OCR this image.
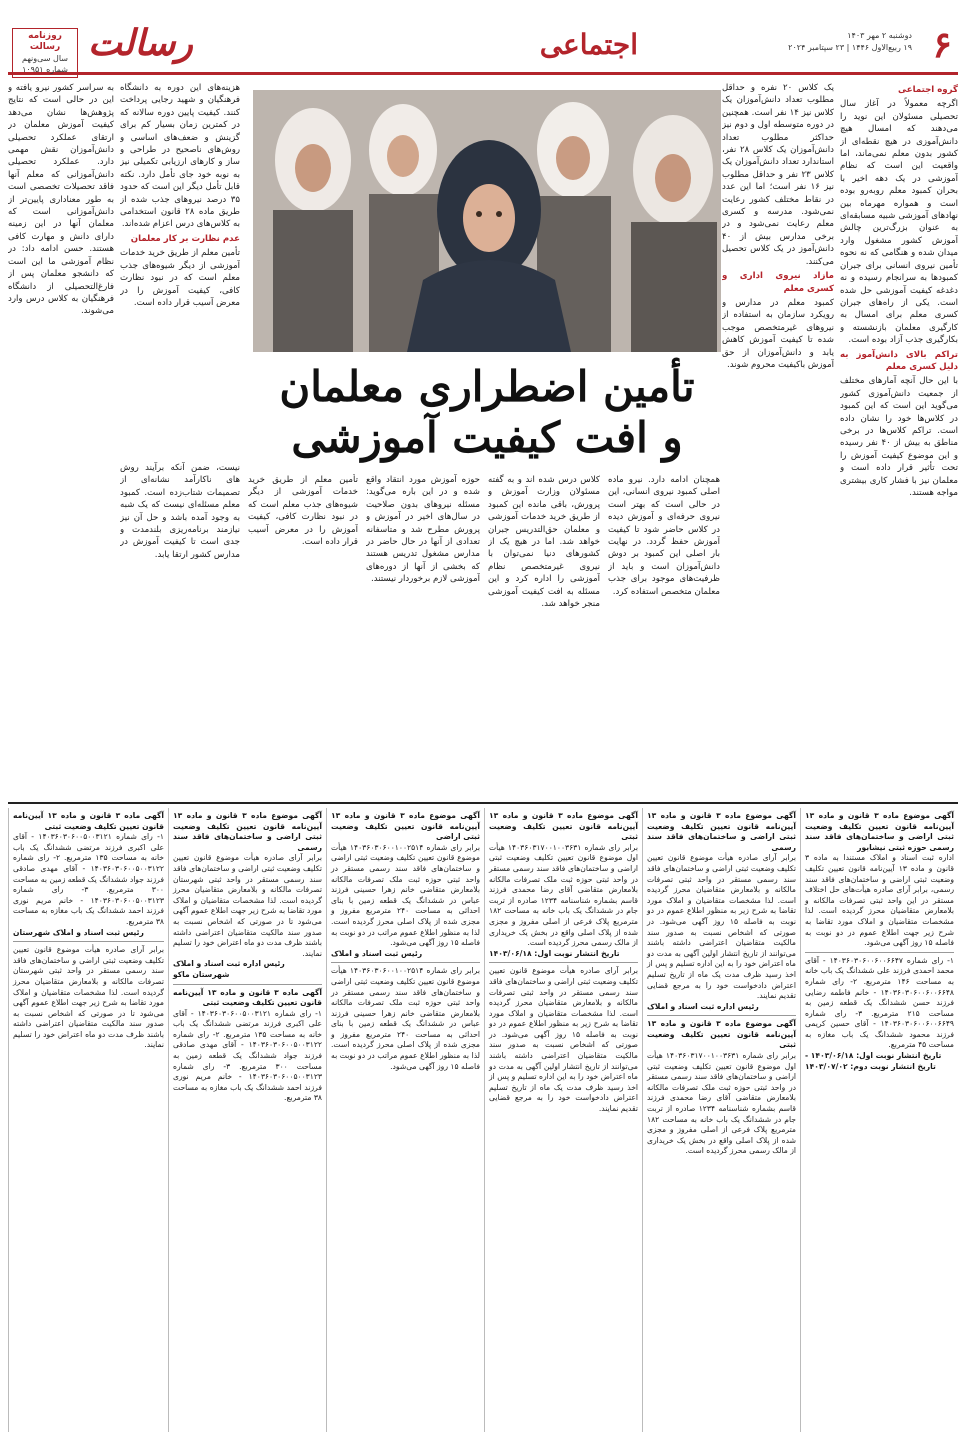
۶
دوشنبه ۲ مهر ۱۴۰۳
۱۹ ربیع‌الاول ۱۴۴۶ | ۲۳ سپتامبر ۲۰۲۴
اجتماعی
رسالت
روزنامه رسالت
سال سی‌ونهم
شماره ۱۰۹۵۱
گروه اجتماعی

اگرچه معمولاً در آغاز سال تحصیلی مسئولان این نوید را می‌دهند که امسال هیچ دانش‌آموزی در هیچ نقطه‌ای از کشور بدون معلم نمی‌ماند، اما واقعیت این است که نظام آموزشی در یک دهه اخیر با بحران کمبود معلم روبه‌رو بوده است و همواره مهرماه بین نهادهای آموزشی شبیه مسابقه‌ای به عنوان بزرگ‌ترین چالش آموزش کشور مشغول وارد میدان شده و هنگامی که نه نحوه تأمین نیروی انسانی برای جبران کمبودها به سرانجام رسیده و نه دغدغه کیفیت آموزشی حل شده است. یکی از راه‌های جبران کسری معلم برای امسال به کارگیری معلمان بازنشسته و بکارگیری جذب آزاد بوده است.

تراکم بالای دانش‌آموز به دلیل کسری معلم

با این حال آنچه آمارهای مختلف از جمعیت دانش‌آموزی کشور می‌گوید این است که این کمبود در کلاس‌ها خود را نشان داده است. تراکم کلاس‌ها در برخی مناطق به بیش از ۴۰ نفر رسیده و این موضوع کیفیت آموزش را تحت تأثیر قرار داده است و معلمان نیز با فشار کاری بیشتری مواجه هستند.

یک کلاس ۲۰ نفره و حداقل مطلوب تعداد دانش‌آموزان یک کلاس نیز ۱۴ نفر است. همچنین در دوره متوسطه اول و دوم نیز حداکثر مطلوب تعداد دانش‌آموزان یک کلاس ۲۸ نفر، استاندارد تعداد دانش‌آموزان یک کلاس ۲۳ نفر و حداقل مطلوب نیز ۱۶ نفر است؛ اما این عدد در نقاط مختلف کشور رعایت نمی‌شود. مدرسه و کسری معلم رعایت نمی‌شود و در برخی مدارس بیش از ۴۰ دانش‌آموز در یک کلاس تحصیل می‌کنند.

مازاد نیروی اداری و کسری معلم

کمبود معلم در مدارس و رویکرد سازمان به استفاده از نیروهای غیرمتخصص موجب شده تا کیفیت آموزش کاهش یابد و دانش‌آموزان از حق آموزش باکیفیت محروم شوند.

تأمین اضطراری معلمان
و افت کیفیت آموزشی

هزینه‌های این دوره به دانشگاه فرهنگیان و شهید رجایی پرداخت کنند. کیفیت پایین دوره سالانه که در کمترین زمان بسیار کم برای گزینش و ضعف‌های اساسی و روش‌های ناصحیح در طراحی و ساز و کارهای ارزیابی تکمیلی نیز به نوبه خود جای تأمل دارد. نکته قابل تأمل دیگر این است که حدود ۳۵ درصد نیروهای جذب شده از طریق ماده ۲۸ قانون استخدامی به کلاس‌های درس اعزام شده‌اند.

عدم نظارت بر کار معلمان

تأمین معلم از طریق خرید خدمات آموزشی از دیگر شیوه‌های جذب معلم است که در نبود نظارت کافی، کیفیت آموزش را در معرض آسیب قرار داده است.

به سراسر کشور نیرو یافته و این در حالی است که نتایج پژوهش‌ها نشان می‌دهد کیفیت آموزش معلمان در ارتقای عملکرد تحصیلی دانش‌آموزان نقش مهمی دارد. عملکرد تحصیلی دانش‌آموزانی که معلم آنها فاقد تحصیلات تخصصی است به طور معناداری پایین‌تر از دانش‌آموزانی است که معلمان آنها در این زمینه دارای دانش و مهارت کافی هستند. حسن ادامه داد: در نظام آموزشی ما این است که دانشجو معلمان پس از فارغ‌التحصیلی از دانشگاه فرهنگیان به کلاس درس وارد می‌شوند.

نیست، ضمن آنکه برآیند روش های ناکارآمد نشانه‌ای از تصمیمات شتاب‌زده است. کمبود معلم مسئله‌ای نیست که یک شبه به وجود آمده باشد و حل آن نیز نیازمند برنامه‌ریزی بلندمدت و جدی است تا کیفیت آموزش در مدارس کشور ارتقا یابد.

همچنان ادامه دارد. نیرو ماده اصلی کمبود نیروی انسانی، این در حالی است که بهتر است نیروی حرفه‌ای و آموزش دیده در کلاس حاضر شود تا کیفیت آموزش حفظ گردد. در نهایت بار اصلی این کمبود بر دوش دانش‌آموزان است و باید از ظرفیت‌های موجود برای جذب معلمان متخصص استفاده کرد.

کلاس درس شده اند و به گفته مسئولان وزارت آموزش و پرورش، باقی مانده این کمبود از طریق خرید خدمات آموزشی و معلمان حق‌التدریس جبران خواهد شد. اما در هیچ یک از کشورهای دنیا نمی‌توان با نیروی غیرمتخصص نظام آموزشی را اداره کرد و این مسئله به افت کیفیت آموزشی منجر خواهد شد.

حوزه آموزش مورد انتقاد واقع شده و در این باره می‌گوید: مسئله نیروهای بدون صلاحیت در سال‌های اخیر در آموزش و پرورش مطرح شد و متاسفانه تعدادی از آنها در حال حاضر در مدارس مشغول تدریس هستند که بخشی از آنها از دوره‌های آموزشی لازم برخوردار نیستند.

تأمین معلم از طریق خرید خدمات آموزشی از دیگر شیوه‌های جذب معلم است که در نبود نظارت کافی، کیفیت آموزش را در معرض آسیب قرار داده است.

آگهی موضوع ماده ۳ قانون و ماده ۱۳ آیین‌نامه قانون تعیین تکلیف وضعیت ثبتی اراضی و ساختمان‌های فاقد سند رسمی حوزه ثبتی نیشابور
اداره ثبت اسناد و املاک مستندا به ماده ۳ قانون و ماده ۱۳ آیین‌نامه قانون تعیین تکلیف وضعیت ثبتی اراضی و ساختمان‌های فاقد سند رسمی، برابر آرای صادره هیأت‌های حل اختلاف مستقر در این واحد ثبتی تصرفات مالکانه و بلامعارض متقاضیان محرز گردیده است. لذا مشخصات متقاضیان و املاک مورد تقاضا به شرح زیر جهت اطلاع عموم در دو نوبت به فاصله ۱۵ روز آگهی می‌شود.
۱- رای شماره ۱۴۰۳۶۰۳۰۶۰۰۶۰۰۶۶۴۷ - آقای محمد احمدی فرزند علی ششدانگ یک باب خانه به مساحت ۱۴۶ مترمربع. ۲- رای شماره ۱۴۰۳۶۰۳۰۶۰۰۶۰۰۶۶۴۸ - خانم فاطمه رضایی فرزند حسن ششدانگ یک قطعه زمین به مساحت ۲۱۵ مترمربع. ۳- رای شماره ۱۴۰۳۶۰۳۰۶۰۰۶۰۰۶۶۴۹ - آقای حسین کریمی فرزند محمود ششدانگ یک باب مغازه به مساحت ۴۵ مترمربع.
تاریخ انتشار نوبت اول: ۱۴۰۳/۰۶/۱۸ - تاریخ انتشار نوبت دوم: ۱۴۰۳/۰۷/۰۲
آگهی موضوع ماده ۳ قانون و ماده ۱۳ آیین‌نامه قانون تعیین تکلیف وضعیت ثبتی اراضی و ساختمان‌های فاقد سند رسمی
برابر آرای صادره هیأت موضوع قانون تعیین تکلیف وضعیت ثبتی اراضی و ساختمان‌های فاقد سند رسمی مستقر در واحد ثبتی تصرفات مالکانه و بلامعارض متقاضیان محرز گردیده است. لذا مشخصات متقاضیان و املاک مورد تقاضا به شرح زیر به منظور اطلاع عموم در دو نوبت به فاصله ۱۵ روز آگهی می‌شود. در صورتی که اشخاص نسبت به صدور سند مالکیت متقاضیان اعتراضی داشته باشند می‌توانند از تاریخ انتشار اولین آگهی به مدت دو ماه اعتراض خود را به این اداره تسلیم و پس از اخذ رسید ظرف مدت یک ماه از تاریخ تسلیم اعتراض دادخواست خود را به مرجع قضایی تقدیم نمایند.
رئیس اداره ثبت اسناد و املاک
آگهی موضوع ماده ۳ قانون و ماده ۱۳ آیین‌نامه قانون تعیین تکلیف وضعیت ثبتی
برابر رای شماره ۱۴۰۳۶۰۳۱۷۰۰۱۰۰۳۶۳۱ هیأت اول موضوع قانون تعیین تکلیف وضعیت ثبتی اراضی و ساختمان‌های فاقد سند رسمی مستقر در واحد ثبتی حوزه ثبت ملک تصرفات مالکانه بلامعارض متقاضی آقای رضا محمدی فرزند قاسم بشماره شناسنامه ۱۲۳۴ صادره از تربت جام در ششدانگ یک باب خانه به مساحت ۱۸۲ مترمربع پلاک فرعی از اصلی مفروز و مجزی شده از پلاک اصلی واقع در بخش یک خریداری از مالک رسمی محرز گردیده است.
آگهی موضوع ماده ۳ قانون و ماده ۱۳ آیین‌نامه قانون تعیین تکلیف وضعیت ثبتی
برابر رای شماره ۱۴۰۳۶۰۳۱۷۰۰۱۰۰۳۶۳۱ هیأت اول موضوع قانون تعیین تکلیف وضعیت ثبتی اراضی و ساختمان‌های فاقد سند رسمی مستقر در واحد ثبتی حوزه ثبت ملک تصرفات مالکانه بلامعارض متقاضی آقای رضا محمدی فرزند قاسم بشماره شناسنامه ۱۲۳۴ صادره از تربت جام در ششدانگ یک باب خانه به مساحت ۱۸۲ مترمربع پلاک فرعی از اصلی مفروز و مجزی شده از پلاک اصلی واقع در بخش یک خریداری از مالک رسمی محرز گردیده است.
تاریخ انتشار نوبت اول: ۱۴۰۳/۰۶/۱۸
برابر آرای صادره هیأت موضوع قانون تعیین تکلیف وضعیت ثبتی اراضی و ساختمان‌های فاقد سند رسمی مستقر در واحد ثبتی تصرفات مالکانه و بلامعارض متقاضیان محرز گردیده است. لذا مشخصات متقاضیان و املاک مورد تقاضا به شرح زیر به منظور اطلاع عموم در دو نوبت به فاصله ۱۵ روز آگهی می‌شود. در صورتی که اشخاص نسبت به صدور سند مالکیت متقاضیان اعتراضی داشته باشند می‌توانند از تاریخ انتشار اولین آگهی به مدت دو ماه اعتراض خود را به این اداره تسلیم و پس از اخذ رسید ظرف مدت یک ماه از تاریخ تسلیم اعتراض دادخواست خود را به مرجع قضایی تقدیم نمایند.
آگهی موضوع ماده ۳ قانون و ماده ۱۳ آیین‌نامه قانون تعیین تکلیف وضعیت ثبتی اراضی
برابر رای شماره ۱۴۰۳۶۰۳۰۶۰۰۱۰۰۲۵۱۴ هیأت موضوع قانون تعیین تکلیف وضعیت ثبتی اراضی و ساختمان‌های فاقد سند رسمی مستقر در واحد ثبتی حوزه ثبت ملک تصرفات مالکانه بلامعارض متقاضی خانم زهرا حسینی فرزند عباس در ششدانگ یک قطعه زمین با بنای احداثی به مساحت ۲۴۰ مترمربع مفروز و مجزی شده از پلاک اصلی محرز گردیده است. لذا به منظور اطلاع عموم مراتب در دو نوبت به فاصله ۱۵ روز آگهی می‌شود.
رئیس ثبت اسناد و املاک
برابر رای شماره ۱۴۰۳۶۰۳۰۶۰۰۱۰۰۲۵۱۴ هیأت موضوع قانون تعیین تکلیف وضعیت ثبتی اراضی و ساختمان‌های فاقد سند رسمی مستقر در واحد ثبتی حوزه ثبت ملک تصرفات مالکانه بلامعارض متقاضی خانم زهرا حسینی فرزند عباس در ششدانگ یک قطعه زمین با بنای احداثی به مساحت ۲۴۰ مترمربع مفروز و مجزی شده از پلاک اصلی محرز گردیده است. لذا به منظور اطلاع عموم مراتب در دو نوبت به فاصله ۱۵ روز آگهی می‌شود.
آگهی موضوع ماده ۳ قانون و ماده ۱۳ آیین‌نامه قانون تعیین تکلیف وضعیت ثبتی اراضی و ساختمان‌های فاقد سند رسمی
برابر آرای صادره هیأت موضوع قانون تعیین تکلیف وضعیت ثبتی اراضی و ساختمان‌های فاقد سند رسمی مستقر در واحد ثبتی شهرستان تصرفات مالکانه و بلامعارض متقاضیان محرز گردیده است. لذا مشخصات متقاضیان و املاک مورد تقاضا به شرح زیر جهت اطلاع عموم آگهی می‌شود تا در صورتی که اشخاص نسبت به صدور سند مالکیت متقاضیان اعتراضی داشته باشند ظرف مدت دو ماه اعتراض خود را تسلیم نمایند.
رئیس اداره ثبت اسناد و املاک شهرستان ماکو
آگهی ماده ۳ قانون و ماده ۱۳ آیین‌نامه قانون تعیین تکلیف وضعیت ثبتی
۱- رای شماره ۱۴۰۳۶۰۳۰۶۰۰۵۰۰۳۱۲۱ - آقای علی اکبری فرزند مرتضی ششدانگ یک باب خانه به مساحت ۱۳۵ مترمربع. ۲- رای شماره ۱۴۰۳۶۰۳۰۶۰۰۵۰۰۳۱۲۲ - آقای مهدی صادقی فرزند جواد ششدانگ یک قطعه زمین به مساحت ۳۰۰ مترمربع. ۳- رای شماره ۱۴۰۳۶۰۳۰۶۰۰۵۰۰۳۱۲۳ - خانم مریم نوری فرزند احمد ششدانگ یک باب مغازه به مساحت ۳۸ مترمربع.
آگهی ماده ۳ قانون و ماده ۱۳ آیین‌نامه قانون تعیین تکلیف وضعیت ثبتی
۱- رای شماره ۱۴۰۳۶۰۳۰۶۰۰۵۰۰۳۱۲۱ - آقای علی اکبری فرزند مرتضی ششدانگ یک باب خانه به مساحت ۱۳۵ مترمربع. ۲- رای شماره ۱۴۰۳۶۰۳۰۶۰۰۵۰۰۳۱۲۲ - آقای مهدی صادقی فرزند جواد ششدانگ یک قطعه زمین به مساحت ۳۰۰ مترمربع. ۳- رای شماره ۱۴۰۳۶۰۳۰۶۰۰۵۰۰۳۱۲۳ - خانم مریم نوری فرزند احمد ششدانگ یک باب مغازه به مساحت ۳۸ مترمربع.
رئیس ثبت اسناد و املاک شهرستان
برابر آرای صادره هیأت موضوع قانون تعیین تکلیف وضعیت ثبتی اراضی و ساختمان‌های فاقد سند رسمی مستقر در واحد ثبتی شهرستان تصرفات مالکانه و بلامعارض متقاضیان محرز گردیده است. لذا مشخصات متقاضیان و املاک مورد تقاضا به شرح زیر جهت اطلاع عموم آگهی می‌شود تا در صورتی که اشخاص نسبت به صدور سند مالکیت متقاضیان اعتراضی داشته باشند ظرف مدت دو ماه اعتراض خود را تسلیم نمایند.
